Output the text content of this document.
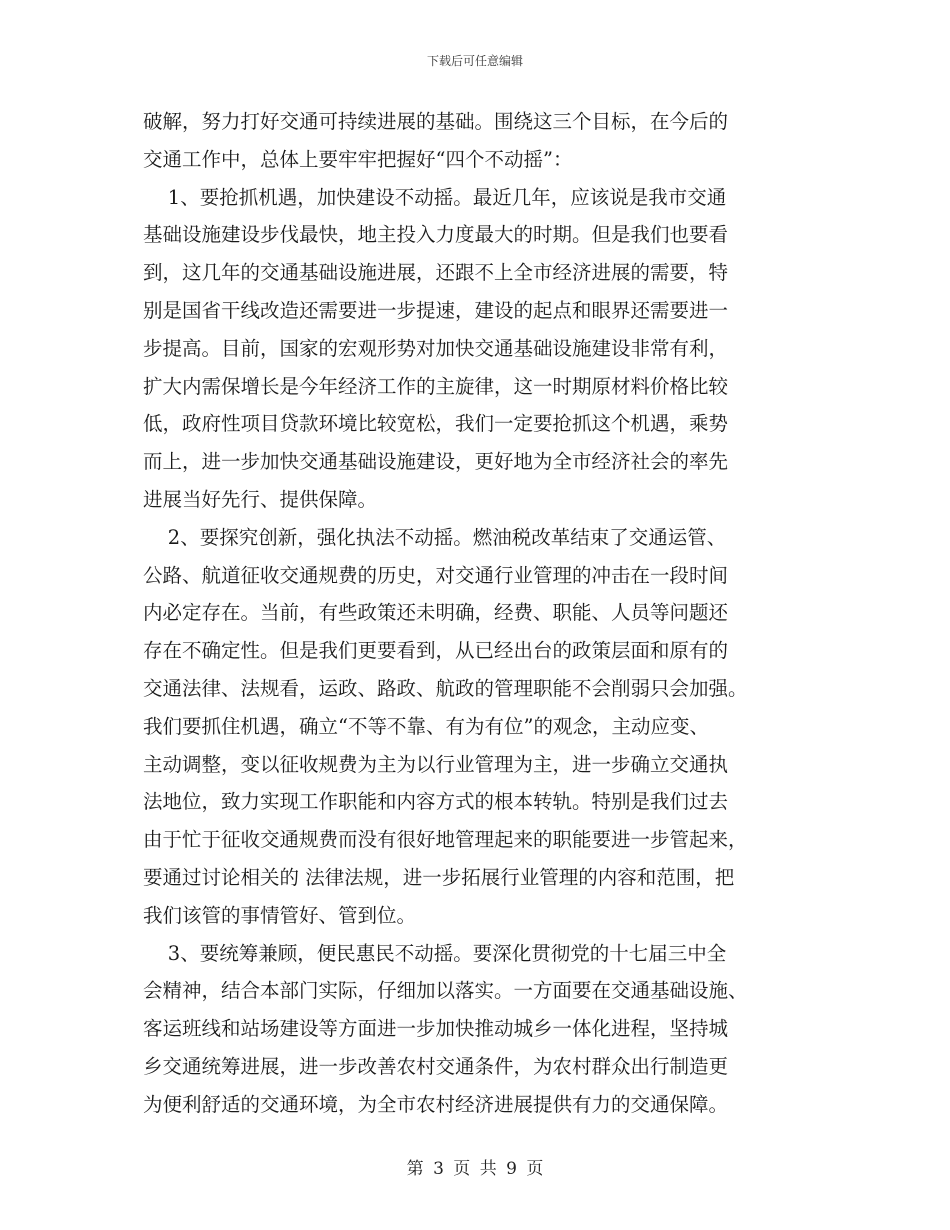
下载后可任意编辑
破解，努力打好交通可持续进展的基础。围绕这三个目标，在今后的
交通工作中，总体上要牢牢把握好“四个不动摇”：
1、要抢抓机遇，加快建设不动摇。最近几年，应该说是我市交通
基础设施建设步伐最快，地主投入力度最大的时期。但是我们也要看
到，这几年的交通基础设施进展，还跟不上全市经济进展的需要，特
别是国省干线改造还需要进一步提速，建设的起点和眼界还需要进一
步提高。目前，国家的宏观形势对加快交通基础设施建设非常有利，
扩大内需保增长是今年经济工作的主旋律，这一时期原材料价格比较
低，政府性项目贷款环境比较宽松，我们一定要抢抓这个机遇，乘势
而上，进一步加快交通基础设施建设，更好地为全市经济社会的率先
进展当好先行、提供保障。
2、要探究创新，强化执法不动摇。燃油税改革结束了交通运管、
公路、航道征收交通规费的历史，对交通行业管理的冲击在一段时间
内必定存在。当前，有些政策还未明确，经费、职能、人员等问题还
存在不确定性。但是我们更要看到，从已经出台的政策层面和原有的
交通法律、法规看，运政、路政、航政的管理职能不会削弱只会加强。
我们要抓住机遇，确立“不等不靠、有为有位”的观念，主动应变、
主动调整，变以征收规费为主为以行业管理为主，进一步确立交通执
法地位，致力实现工作职能和内容方式的根本转轨。特别是我们过去
由于忙于征收交通规费而没有很好地管理起来的职能要进一步管起来，
要通过讨论相关的 法律法规，进一步拓展行业管理的内容和范围，把
我们该管的事情管好、管到位。
3、要统筹兼顾，便民惠民不动摇。要深化贯彻党的十七届三中全
会精神，结合本部门实际，仔细加以落实。一方面要在交通基础设施、
客运班线和站场建设等方面进一步加快推动城乡一体化进程，坚持城
乡交通统筹进展，进一步改善农村交通条件，为农村群众出行制造更
为便利舒适的交通环境，为全市农村经济进展提供有力的交通保障。
第 3 页 共 9 页
